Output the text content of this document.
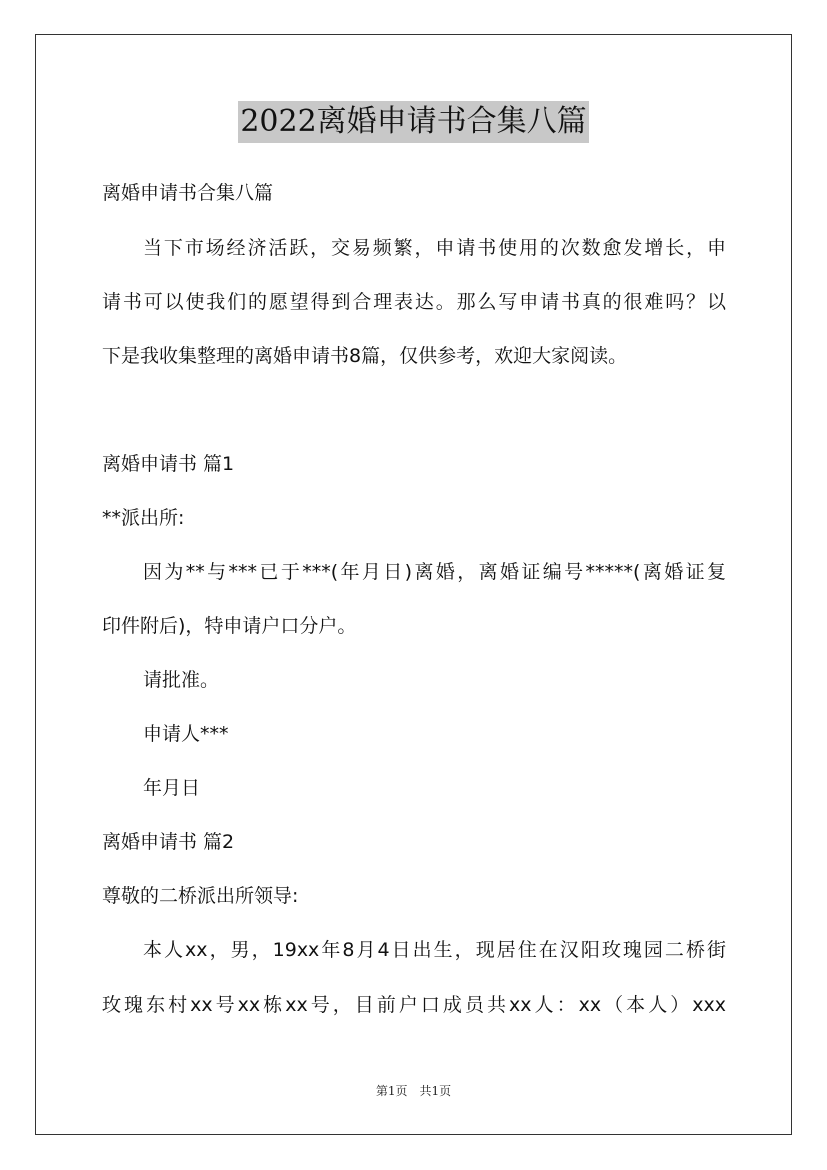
2022离婚申请书合集八篇
离婚申请书合集八篇
当下市场经济活跃，交易频繁，申请书使用的次数愈发增长，申
请书可以使我们的愿望得到合理表达。那么写申请书真的很难吗？以
下是我收集整理的离婚申请书8篇，仅供参考，欢迎大家阅读。
离婚申请书 篇1
**派出所:
因为**与***已于***(年月日)离婚，离婚证编号*****(离婚证复
印件附后)，特申请户口分户。
请批准。
申请人***
年月日
离婚申请书 篇2
尊敬的二桥派出所领导:
本人xx，男，19xx年8月4日出生，现居住在汉阳玫瑰园二桥街
玫瑰东村xx号xx栋xx号，目前户口成员共xx人：xx（本人）xxx
第1页 共1页
